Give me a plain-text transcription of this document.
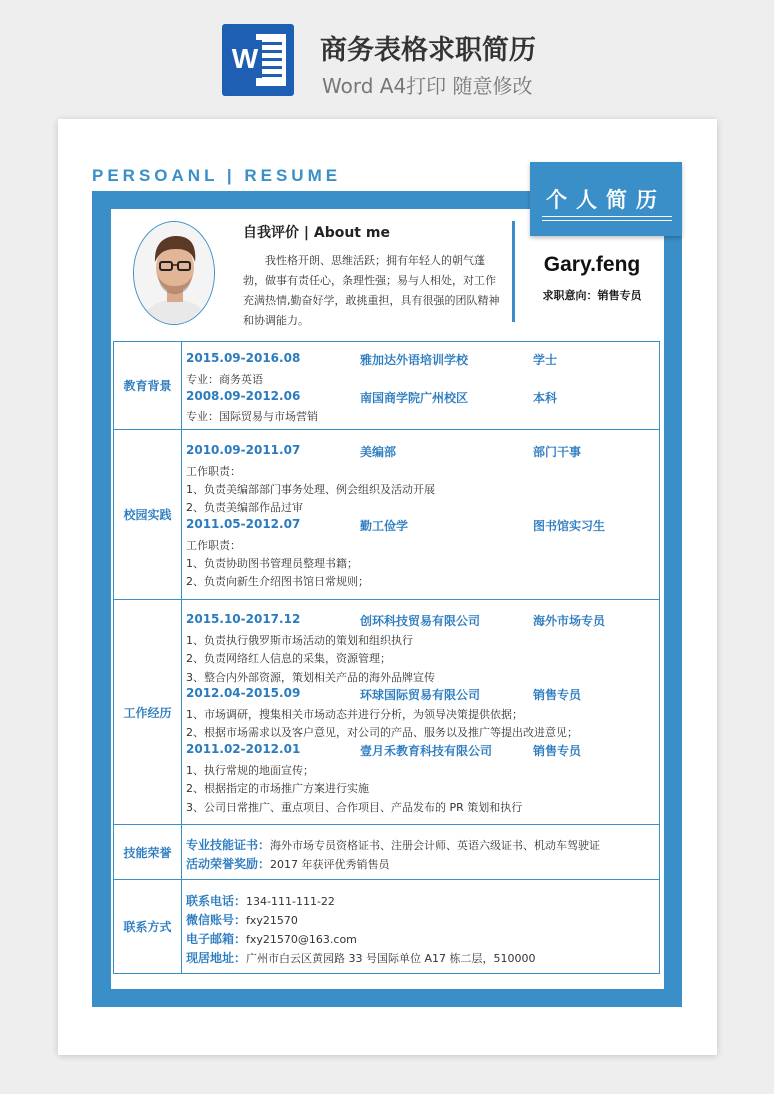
W 商务表格求职简历
Word A4打印 随意修改
PERSOANL | RESUME
个人简历
自我评价 | About me
我性格开朗、思维活跃；拥有年轻人的朝气蓬勃，做事有责任心，条理性强；易与人相处，对工作充满热情,勤奋好学，敢挑重担，具有很强的团队精神和协调能力。
Gary.feng
求职意向：销售专员
教育背景
2015.09-2016.08	雅加达外语培训学校	学士
专业：商务英语
2008.09-2012.06	南国商学院广州校区	本科
专业：国际贸易与市场营销
校园实践
2010.09-2011.07	美编部	部门干事
工作职责：
1、负责美编部部门事务处理、例会组织及活动开展
2、负责美编部作品过审
2011.05-2012.07	勤工俭学	图书馆实习生
工作职责：
1、负责协助图书管理员整理书籍；
2、负责向新生介绍图书馆日常规则；
工作经历
2015.10-2017.12	创环科技贸易有限公司	海外市场专员
1、负责执行俄罗斯市场活动的策划和组织执行
2、负责网络红人信息的采集，资源管理；
3、整合内外部资源，策划相关产品的海外品牌宣传
2012.04-2015.09	环球国际贸易有限公司	销售专员
1、市场调研，搜集相关市场动态并进行分析，为领导决策提供依据；
2、根据市场需求以及客户意见，对公司的产品、服务以及推广等提出改进意见；
2011.02-2012.01	壹月禾教育科技有限公司	销售专员
1、执行常规的地面宣传；
2、根据指定的市场推广方案进行实施
3、公司日常推广、重点项目、合作项目、产品发布的 PR 策划和执行
技能荣誉
专业技能证书：海外市场专员资格证书、注册会计师、英语六级证书、机动车驾驶证
活动荣誉奖励：2017 年获评优秀销售员
联系方式
联系电话：134-111-111-22
微信账号：fxy21570
电子邮箱：fxy21570@163.com
现居地址：广州市白云区黄园路 33 号国际单位 A17 栋二层，510000
